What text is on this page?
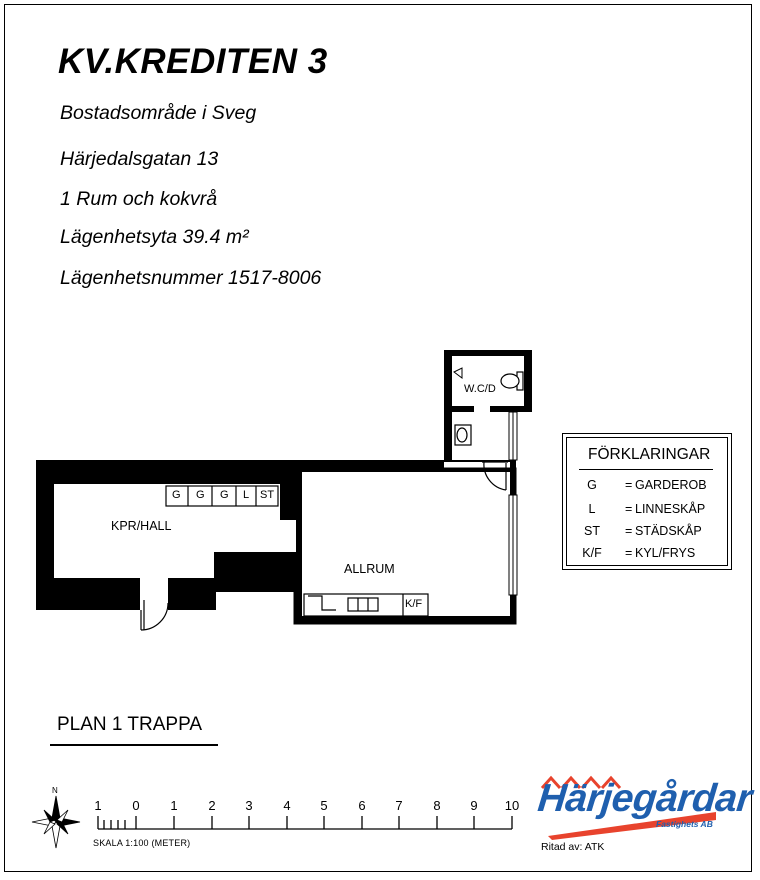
KV.KREDITEN 3

Bostadsområde i Sveg

Härjedalsgatan 13

1 Rum och kokvrå

Lägenhetsyta 39.4 m²

Lägenhetsnummer 1517-8006

KPR/HALL
ALLRUM
W.C/D
K/F
G G G L ST
FÖRKLARINGAR
G	= GARDEROB
L	= LINNESKÅP
ST	= STÄDSKÅP
K/F	= KYL/FRYS
PLAN 1 TRAPPA
N
1	0	1	2	3	4	5	6	7	8	9	10
SKALA 1:100 (METER)
Härjegårdar
Fastighets AB
Ritad av: ATK
